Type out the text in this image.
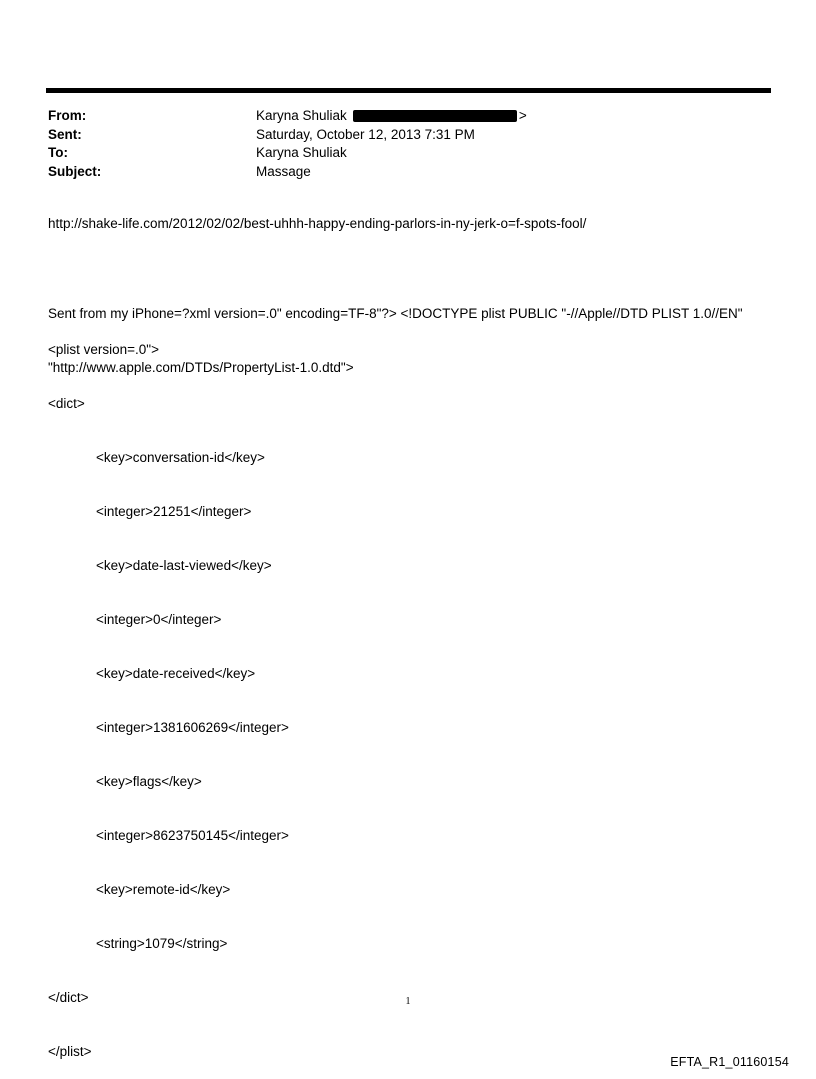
From:	Karyna Shuliak	>
Sent:	Saturday, October 12, 2013 7:31 PM
To:	Karyna Shuliak
Subject:	Massage
http://shake-life.com/2012/02/02/best-uhhh-happy-ending-parlors-in-ny-jerk-o=f-spots-fool/

Sent from my iPhone=?xml version=.0" encoding=TF-8"?> <!DOCTYPE plist PUBLIC "-//Apple//DTD PLIST 1.0//EN"

"http://www.apple.com/DTDs/PropertyList-1.0.dtd">

<plist version=.0">

<dict>

<key>conversation-id</key>

<integer>21251</integer>

<key>date-last-viewed</key>

<integer>0</integer>

<key>date-received</key>

<integer>1381606269</integer>

<key>flags</key>

<integer>8623750145</integer>

<key>remote-id</key>

<string>1079</string>

</dict>

</plist>

1
EFTA_R1_01160154
